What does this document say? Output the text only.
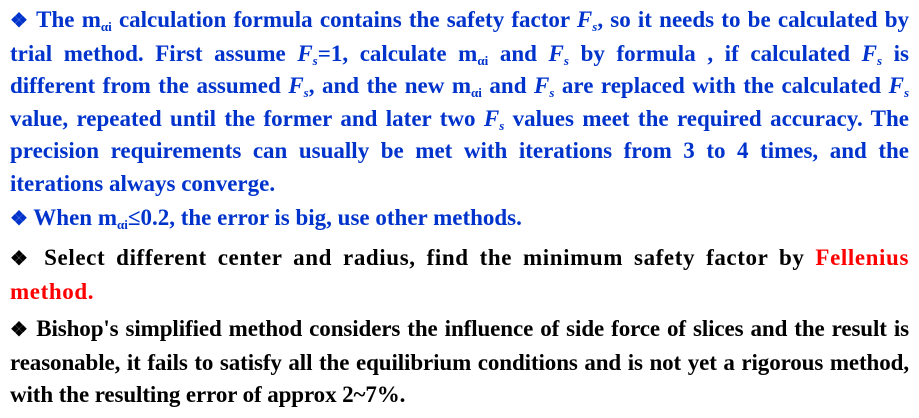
❖ The $m_{\alpha i}$ calculation formula contains the safety factor $F_s$, so it needs to be calculated by trial method. First assume $F_s=1$, calculate $m_{\alpha i}$ and $F_s$ by formula , if calculated $F_s$ is different from the assumed $F_s$, and the new $m_{\alpha i}$ and $F_s$ are replaced with the calculated $F_s$ value, repeated until the former and later two $F_s$ values meet the required accuracy. The precision requirements can usually be met with iterations from 3 to 4 times, and the iterations always converge.
❖ When $m_{\alpha i}\le 0.2$, the error is big, use other methods.
❖ Select different center and radius, find the minimum safety factor by Fellenius method.
❖ Bishop's simplified method considers the influence of side force of slices and the result is reasonable, it fails to satisfy all the equilibrium conditions and is not yet a rigorous method, with the resulting error of approx 2~7%.
